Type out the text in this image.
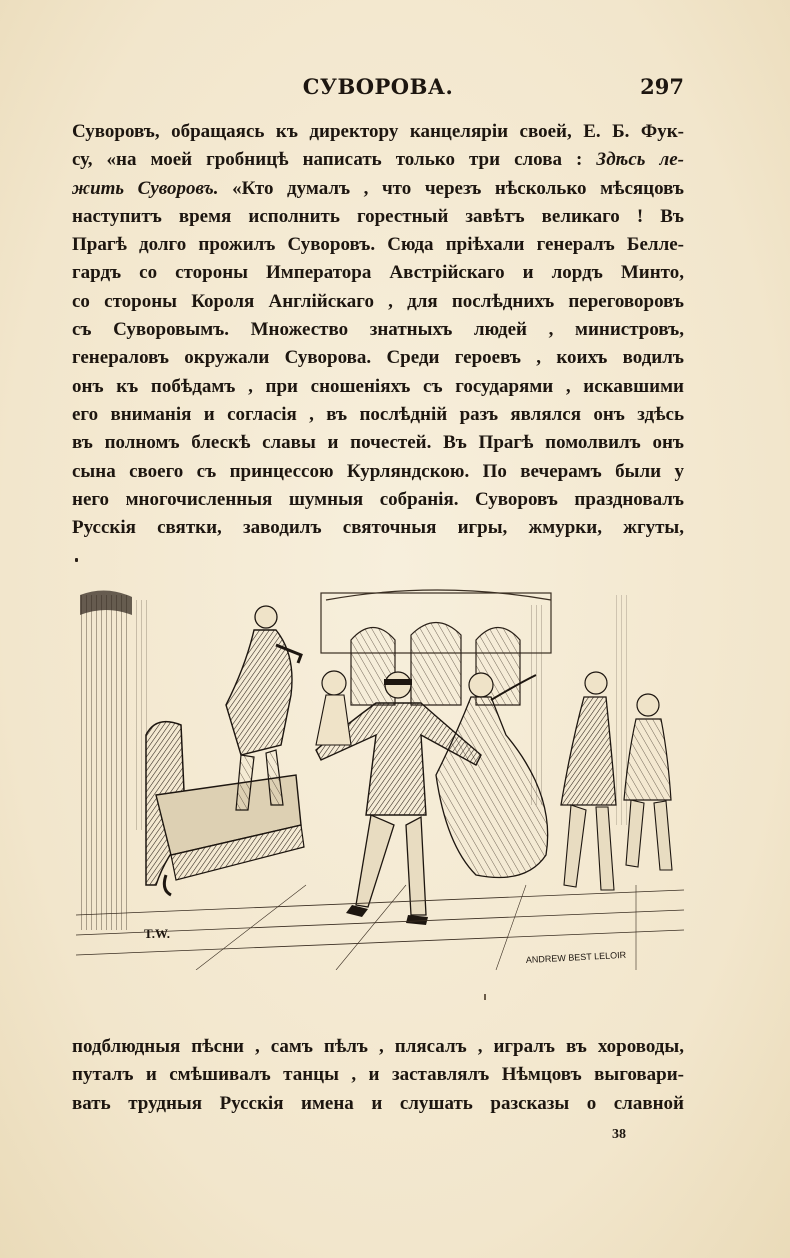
СУВОРОВА.	297
Суворовъ, обращаясь къ директору канцеляріи своей, Е. Б. Фук-
су, «на моей гробницѣ написать только три слова : Здѣсь ле-
жить Суворовъ. «Кто думалъ , что черезъ нѣсколько мѣсяцовъ
наступитъ время исполнить горестный завѣтъ великаго ! Въ
Прагѣ долго прожилъ Суворовъ. Сюда пріѣхали генералъ Белле-
гардъ со стороны Императора Австрійскаго и лордъ Минто,
со стороны Короля Англійскаго , для послѣднихъ переговоровъ
съ Суворовымъ. Множество знатныхъ людей , министровъ,
генераловъ окружали Суворова. Среди героевъ , коихъ водилъ
онъ къ побѣдамъ , при сношеніяхъ съ государями , искавшими
его вниманія и согласія , въ послѣдній разъ являлся онъ здѣсь
въ полномъ блескѣ славы и почестей. Въ Прагѣ помолвилъ онъ
сына своего съ принцессою Курляндскою. По вечерамъ были у
него многочисленныя шумныя собранія. Суворовъ праздновалъ
Русскія святки, заводилъ святочныя игры, жмурки, жгуты,
T.W.
ANDREW BEST LELOIR
подблюдныя пѣсни , самъ пѣлъ , плясалъ , игралъ въ хороводы,
путалъ и смѣшивалъ танцы , и заставлялъ Нѣмцовъ выговари-
вать трудныя Русскія имена и слушать разсказы о славной
38
